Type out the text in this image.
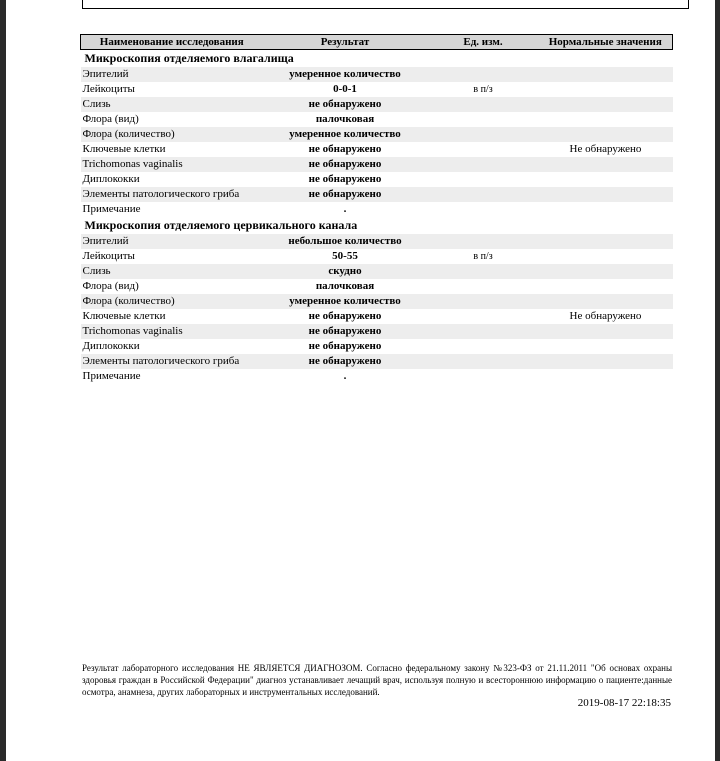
Наименование исследования	Результат	Ед. изм.	Нормальные значения
Микроскопия отделяемого влагалища			
Эпителий	умеренное количество		
Лейкоциты	0-0-1	в п/з	
Слизь	не обнаружено		
Флора (вид)	палочковая		
Флора (количество)	умеренное количество		
Ключевые клетки	не обнаружено		Не обнаружено
Trichomonas vaginalis	не обнаружено		
Диплококки	не обнаружено		
Элементы патологического гриба	не обнаружено		
Примечание	.		
Микроскопия отделяемого цервикального канала			
Эпителий	небольшое количество		
Лейкоциты	50-55	в п/з	
Слизь	скудно		
Флора (вид)	палочковая		
Флора (количество)	умеренное количество		
Ключевые клетки	не обнаружено		Не обнаружено
Trichomonas vaginalis	не обнаружено		
Диплококки	не обнаружено		
Элементы патологического гриба	не обнаружено		
Примечание	.		
Результат лабораторного исследования НЕ ЯВЛЯЕТСЯ ДИАГНОЗОМ. Согласно федеральному закону №323-ФЗ от 21.11.2011 "Об основах охраны здоровья граждан в Российской Федерации" диагноз устанавливает лечащий врач, используя полную и всестороннюю информацию о пациенте:данные осмотра, анамнеза, других лабораторных и инструментальных исследований.
2019-08-17 22:18:35
